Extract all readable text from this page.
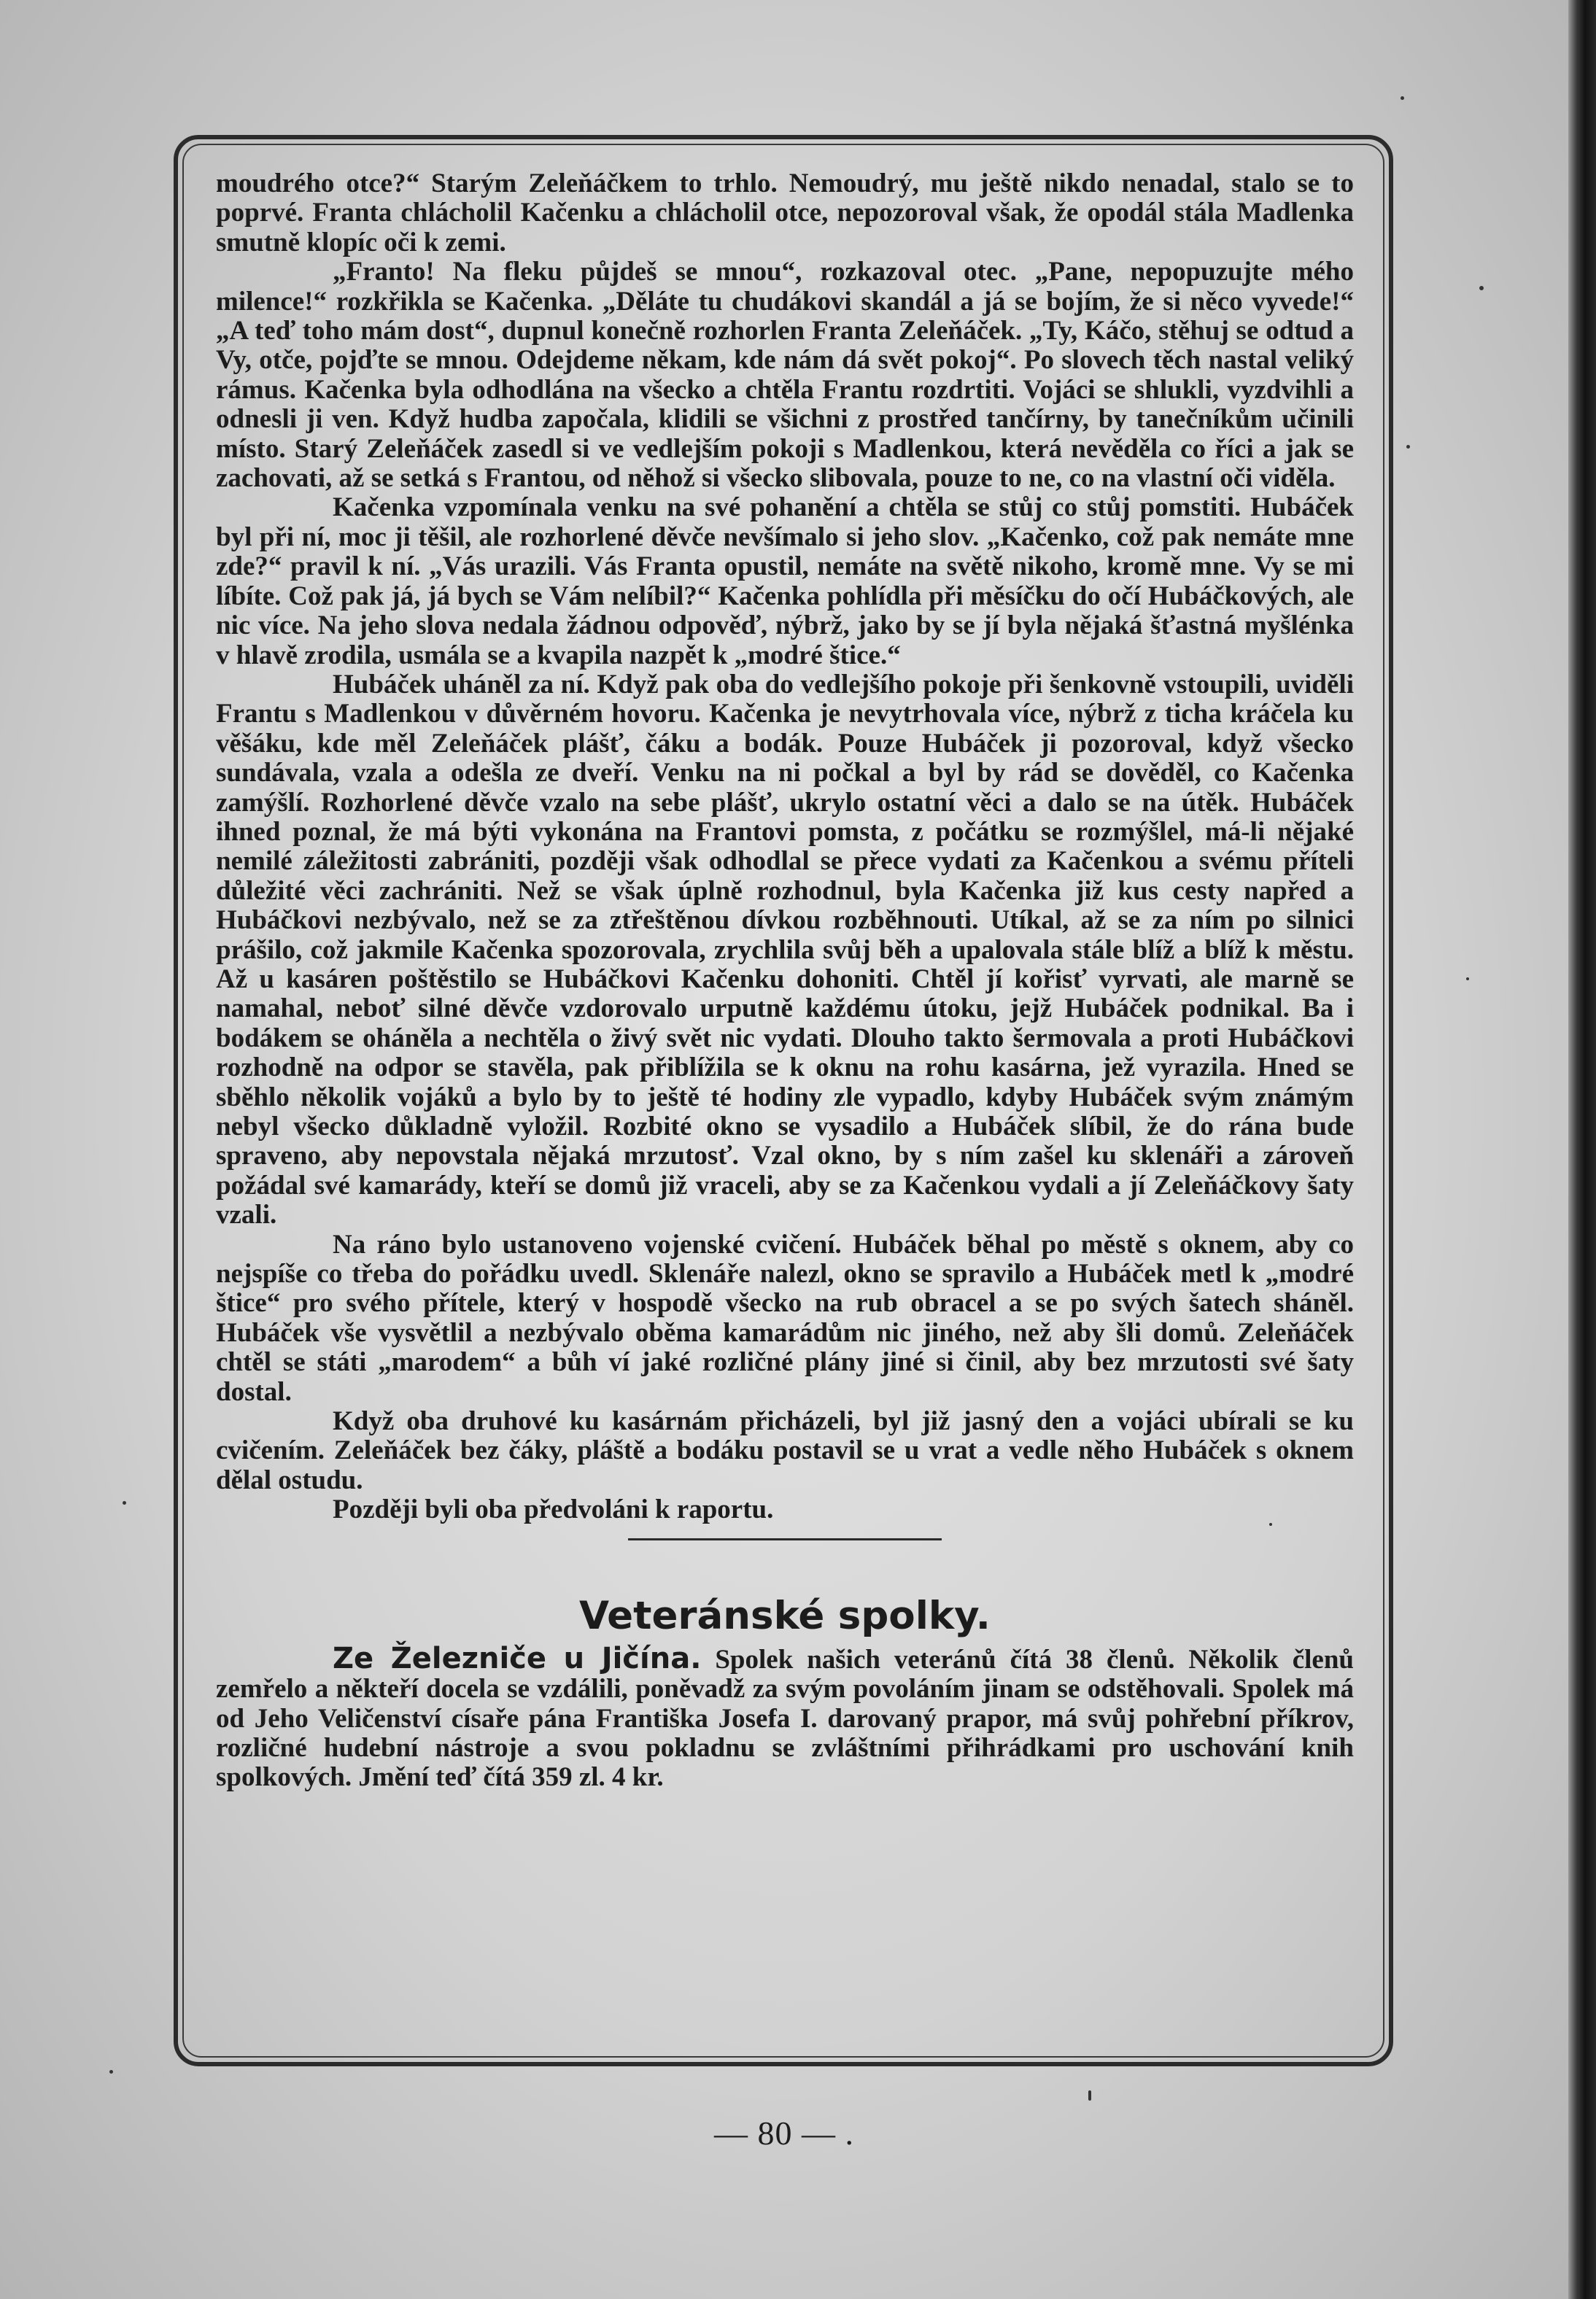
moudrého otce?“ Starým Zeleňáčkem to trhlo. Nemoudrý, mu ještě nikdo nenadal, stalo se to poprvé. Franta chlácholil Kačenku a chlácholil otce, nepozoroval však, že opodál stála Madlenka smutně klopíc oči k zemi.

„Franto! Na fleku půjdeš se mnou“, rozkazoval otec. „Pane, nepopuzujte mého milence!“ rozkřikla se Kačenka. „Děláte tu chudákovi skandál a já se bojím, že si něco vyvede!“ „A teď toho mám dost“, dupnul konečně rozhorlen Franta Zeleňáček. „Ty, Káčo, stěhuj se odtud a Vy, otče, pojďte se mnou. Odejdeme někam, kde nám dá svět pokoj“. Po slovech těch nastal veliký rámus. Kačenka byla odhodlána na všecko a chtěla Frantu rozdrtiti. Vojáci se shlukli, vyzdvihli a odnesli ji ven. Když hudba započala, klidili se všichni z prostřed tančírny, by tanečníkům učinili místo. Starý Zeleňáček zasedl si ve vedlejším pokoji s Madlenkou, která nevěděla co říci a jak se zachovati, až se setká s Frantou, od něhož si všecko slibovala, pouze to ne, co na vlastní oči viděla.

Kačenka vzpomínala venku na své pohanění a chtěla se stůj co stůj pomstiti. Hubáček byl při ní, moc ji těšil, ale rozhorlené děvče nevšímalo si jeho slov. „Kačenko, což pak nemáte mne zde?“ pravil k ní. „Vás urazili. Vás Franta opustil, nemáte na světě nikoho, kromě mne. Vy se mi líbíte. Což pak já, já bych se Vám nelíbil?“ Kačenka pohlídla při měsíčku do očí Hubáčkových, ale nic více. Na jeho slova nedala žádnou odpověď, nýbrž, jako by se jí byla nějaká šťastná myšlénka v hlavě zrodila, usmála se a kvapila nazpět k „modré štice.“

Hubáček uháněl za ní. Když pak oba do vedlejšího pokoje při šenkovně vstoupili, uviděli Frantu s Madlenkou v důvěrném hovoru. Kačenka je nevytrhovala více, nýbrž z ticha kráčela ku věšáku, kde měl Zeleňáček plášť, čáku a bodák. Pouze Hubáček ji pozoroval, když všecko sundávala, vzala a odešla ze dveří. Venku na ni počkal a byl by rád se dověděl, co Kačenka zamýšlí. Rozhorlené děvče vzalo na sebe plášť, ukrylo ostatní věci a dalo se na útěk. Hubáček ihned poznal, že má býti vykonána na Frantovi pomsta, z počátku se rozmýšlel, má-li nějaké nemilé záležitosti zabrániti, později však odhodlal se přece vydati za Kačenkou a svému příteli důležité věci zachrániti. Než se však úplně rozhodnul, byla Kačenka již kus cesty napřed a Hubáčkovi nezbývalo, než se za ztřeštěnou dívkou rozběhnouti. Utíkal, až se za ním po silnici prášilo, což jakmile Kačenka spozorovala, zrychlila svůj běh a upalovala stále blíž a blíž k městu. Až u kasáren poštěstilo se Hubáčkovi Kačenku dohoniti. Chtěl jí kořisť vyrvati, ale marně se namahal, neboť silné děvče vzdorovalo urputně každému útoku, jejž Hubáček podnikal. Ba i bodákem se oháněla a nechtěla o živý svět nic vydati. Dlouho takto šermovala a proti Hubáčkovi rozhodně na odpor se stavěla, pak přiblížila se k oknu na rohu kasárna, jež vyrazila. Hned se sběhlo několik vojáků a bylo by to ještě té hodiny zle vypadlo, kdyby Hubáček svým známým nebyl všecko důkladně vyložil. Rozbité okno se vysadilo a Hubáček slíbil, že do rána bude spraveno, aby nepovstala nějaká mrzutosť. Vzal okno, by s ním zašel ku sklenáři a zároveň požádal své kamarády, kteří se domů již vraceli, aby se za Kačenkou vydali a jí Zeleňáčkovy šaty vzali.

Na ráno bylo ustanoveno vojenské cvičení. Hubáček běhal po městě s oknem, aby co nejspíše co třeba do pořádku uvedl. Sklenáře nalezl, okno se spravilo a Hubáček metl k „modré štice“ pro svého přítele, který v hospodě všecko na rub obracel a se po svých šatech sháněl. Hubáček vše vysvětlil a nezbývalo oběma kamarádům nic jiného, než aby šli domů. Zeleňáček chtěl se státi „marodem“ a bůh ví jaké rozličné plány jiné si činil, aby bez mrzutosti své šaty dostal.

Když oba druhové ku kasárnám přicházeli, byl již jasný den a vojáci ubírali se ku cvičením. Zeleňáček bez čáky, pláště a bodáku postavil se u vrat a vedle něho Hubáček s oknem dělal ostudu.

Později byli oba předvoláni k raportu.

Veteránské spolky.

Ze Železniče u Jičína. Spolek našich veteránů čítá 38 členů. Několik členů zemřelo a někteří docela se vzdálili, poněvadž za svým povoláním jinam se odstěhovali. Spolek má od Jeho Veličenství císaře pána Františka Josefa I. darovaný prapor, má svůj pohřební příkrov, rozličné hudební nástroje a svou pokladnu se zvláštními přihrádkami pro uschování knih spolkových. Jmění teď čítá 359 zl. 4 kr.

— 80 — .
